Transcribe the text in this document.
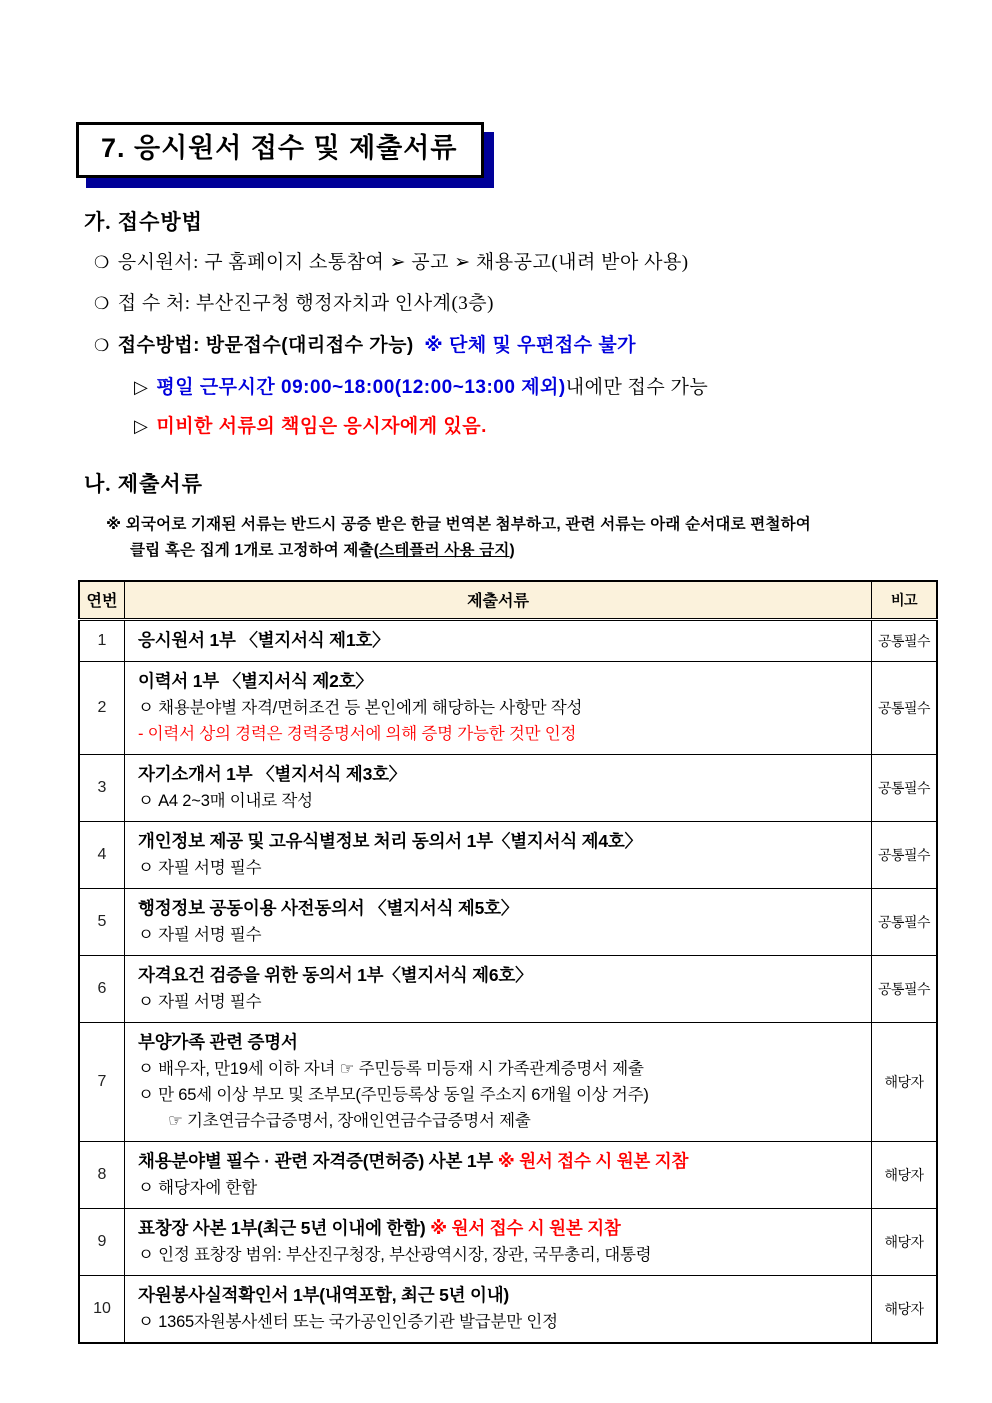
7. 응시원서 접수 및 제출서류
가. 접수방법
❍ 응시원서: 구 홈페이지 소통참여 ➢ 공고 ➢ 채용공고(내려 받아 사용)
❍ 접 수 처: 부산진구청 행정자치과 인사계(3층)
❍ 접수방법: 방문접수(대리접수 가능) ※ 단체 및 우편접수 불가
▷ 평일 근무시간 09:00~18:00(12:00~13:00 제외)내에만 접수 가능
▷ 미비한 서류의 책임은 응시자에게 있음.
나. 제출서류
※ 외국어로 기재된 서류는 반드시 공증 받은 한글 번역본 첨부하고, 관련 서류는 아래 순서대로 편철하여
클립 혹은 집게 1개로 고정하여 제출(스테플러 사용 금지)
연번	제출서류	비고
1	응시원서 1부 〈별지서식 제1호〉	공통필수
2	이력서 1부 〈별지서식 제2호〉
ㅇ 채용분야별 자격/면허조건 등 본인에게 해당하는 사항만 작성
- 이력서 상의 경력은 경력증명서에 의해 증명 가능한 것만 인정	공통필수
3	자기소개서 1부 〈별지서식 제3호〉
ㅇ A4 2~3매 이내로 작성	공통필수
4	개인정보 제공 및 고유식별정보 처리 동의서 1부〈별지서식 제4호〉
ㅇ 자필 서명 필수	공통필수
5	행정정보 공동이용 사전동의서 〈별지서식 제5호〉
ㅇ 자필 서명 필수	공통필수
6	자격요건 검증을 위한 동의서 1부〈별지서식 제6호〉
ㅇ 자필 서명 필수	공통필수
7	부양가족 관련 증명서
ㅇ 배우자, 만19세 이하 자녀 ☞ 주민등록 미등재 시 가족관계증명서 제출
ㅇ 만 65세 이상 부모 및 조부모(주민등록상 동일 주소지 6개월 이상 거주)
☞ 기초연금수급증명서, 장애인연금수급증명서 제출	해당자
8	채용분야별 필수 · 관련 자격증(면허증) 사본 1부 ※ 원서 접수 시 원본 지참
ㅇ 해당자에 한함	해당자
9	표창장 사본 1부(최근 5년 이내에 한함) ※ 원서 접수 시 원본 지참
ㅇ 인정 표창장 범위: 부산진구청장, 부산광역시장, 장관, 국무총리, 대통령	해당자
10	자원봉사실적확인서 1부(내역포함, 최근 5년 이내)
ㅇ 1365자원봉사센터 또는 국가공인인증기관 발급분만 인정	해당자
